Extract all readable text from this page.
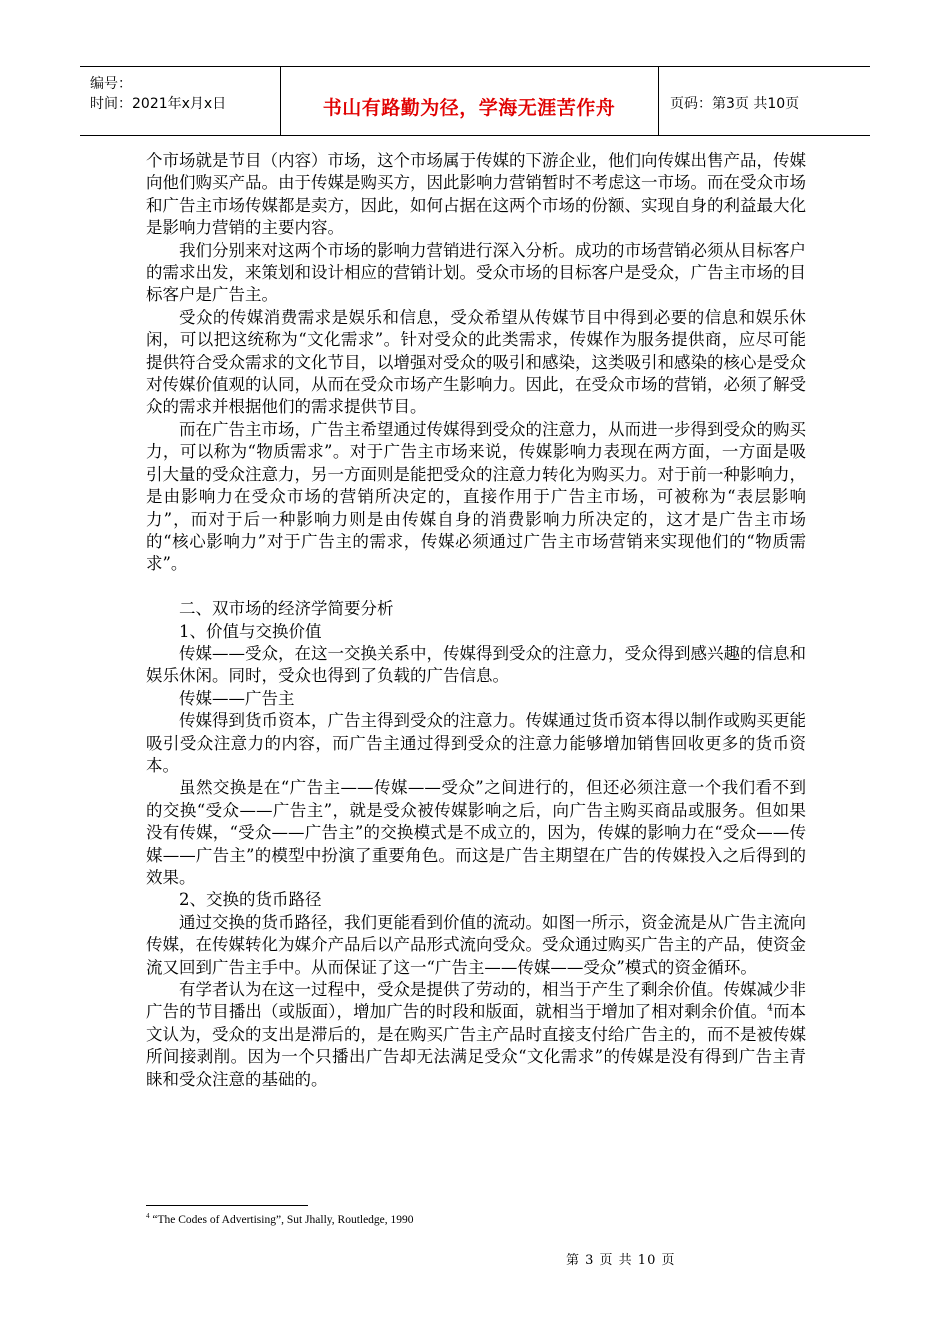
编号：
时间：2021年x月x日	书山有路勤为径，学海无涯苦作舟	页码：第3页 共10页

个市场就是节目（内容）市场，这个市场属于传媒的下游企业，他们向传媒出售产品，传媒向他们购买产品。由于传媒是购买方，因此影响力营销暂时不考虑这一市场。而在受众市场和广告主市场传媒都是卖方，因此，如何占据在这两个市场的份额、实现自身的利益最大化是影响力营销的主要内容。

我们分别来对这两个市场的影响力营销进行深入分析。成功的市场营销必须从目标客户的需求出发，来策划和设计相应的营销计划。受众市场的目标客户是受众，广告主市场的目标客户是广告主。

受众的传媒消费需求是娱乐和信息，受众希望从传媒节目中得到必要的信息和娱乐休闲，可以把这统称为“文化需求”。针对受众的此类需求，传媒作为服务提供商，应尽可能提供符合受众需求的文化节目，以增强对受众的吸引和感染，这类吸引和感染的核心是受众对传媒价值观的认同，从而在受众市场产生影响力。因此，在受众市场的营销，必须了解受众的需求并根据他们的需求提供节目。

而在广告主市场，广告主希望通过传媒得到受众的注意力，从而进一步得到受众的购买力，可以称为“物质需求”。对于广告主市场来说，传媒影响力表现在两方面，一方面是吸引大量的受众注意力，另一方面则是能把受众的注意力转化为购买力。对于前一种影响力，是由影响力在受众市场的营销所决定的，直接作用于广告主市场，可被称为“表层影响力”，而对于后一种影响力则是由传媒自身的消费影响力所决定的，这才是广告主市场的“核心影响力”对于广告主的需求，传媒必须通过广告主市场营销来实现他们的“物质需求”。

二、双市场的经济学简要分析

1、价值与交换价值

传媒——受众，在这一交换关系中，传媒得到受众的注意力，受众得到感兴趣的信息和娱乐休闲。同时，受众也得到了负载的广告信息。

传媒——广告主

传媒得到货币资本，广告主得到受众的注意力。传媒通过货币资本得以制作或购买更能吸引受众注意力的内容，而广告主通过得到受众的注意力能够增加销售回收更多的货币资本。

虽然交换是在“广告主——传媒——受众”之间进行的，但还必须注意一个我们看不到的交换“受众——广告主”，就是受众被传媒影响之后，向广告主购买商品或服务。但如果没有传媒，“受众——广告主”的交换模式是不成立的，因为，传媒的影响力在“受众——传媒——广告主”的模型中扮演了重要角色。而这是广告主期望在广告的传媒投入之后得到的效果。

2、交换的货币路径

通过交换的货币路径，我们更能看到价值的流动。如图一所示，资金流是从广告主流向传媒，在传媒转化为媒介产品后以产品形式流向受众。受众通过购买广告主的产品，使资金流又回到广告主手中。从而保证了这一“广告主——传媒——受众”模式的资金循环。

有学者认为在这一过程中，受众是提供了劳动的，相当于产生了剩余价值。传媒减少非广告的节目播出（或版面），增加广告的时段和版面，就相当于增加了相对剩余价值。$^4$而本文认为，受众的支出是滞后的，是在购买广告主产品时直接支付给广告主的，而不是被传媒所间接剥削。因为一个只播出广告却无法满足受众“文化需求”的传媒是没有得到广告主青睐和受众注意的基础的。

$^4$ “The Codes of Advertising”, Sut Jhally, Routledge, 1990
第 3 页 共 10 页
